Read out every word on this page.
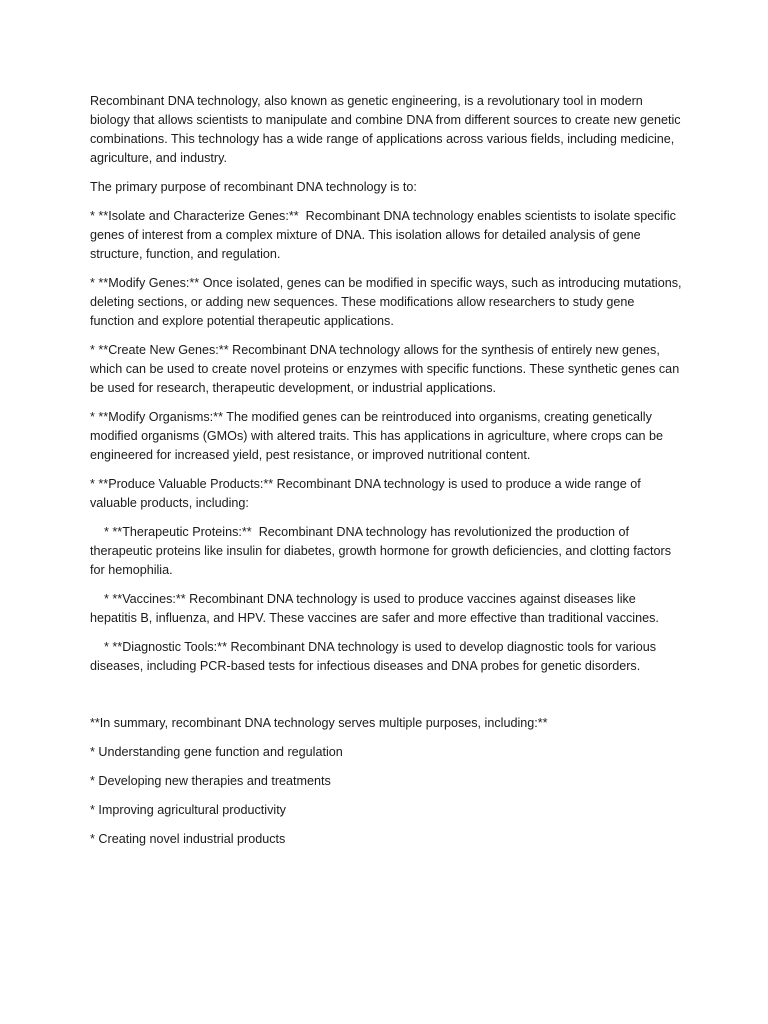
Recombinant DNA technology, also known as genetic engineering, is a revolutionary tool in modern biology that allows scientists to manipulate and combine DNA from different sources to create new genetic combinations. This technology has a wide range of applications across various fields, including medicine, agriculture, and industry.

The primary purpose of recombinant DNA technology is to:

* **Isolate and Characterize Genes:**  Recombinant DNA technology enables scientists to isolate specific genes of interest from a complex mixture of DNA. This isolation allows for detailed analysis of gene structure, function, and regulation.

* **Modify Genes:** Once isolated, genes can be modified in specific ways, such as introducing mutations, deleting sections, or adding new sequences. These modifications allow researchers to study gene function and explore potential therapeutic applications.

* **Create New Genes:** Recombinant DNA technology allows for the synthesis of entirely new genes, which can be used to create novel proteins or enzymes with specific functions. These synthetic genes can be used for research, therapeutic development, or industrial applications.

* **Modify Organisms:** The modified genes can be reintroduced into organisms, creating genetically modified organisms (GMOs) with altered traits. This has applications in agriculture, where crops can be engineered for increased yield, pest resistance, or improved nutritional content.

* **Produce Valuable Products:** Recombinant DNA technology is used to produce a wide range of valuable products, including:

* **Therapeutic Proteins:**  Recombinant DNA technology has revolutionized the production of therapeutic proteins like insulin for diabetes, growth hormone for growth deficiencies, and clotting factors for hemophilia.

* **Vaccines:** Recombinant DNA technology is used to produce vaccines against diseases like hepatitis B, influenza, and HPV. These vaccines are safer and more effective than traditional vaccines.

* **Diagnostic Tools:** Recombinant DNA technology is used to develop diagnostic tools for various diseases, including PCR-based tests for infectious diseases and DNA probes for genetic disorders.

**In summary, recombinant DNA technology serves multiple purposes, including:**

* Understanding gene function and regulation

* Developing new therapies and treatments

* Improving agricultural productivity

* Creating novel industrial products
